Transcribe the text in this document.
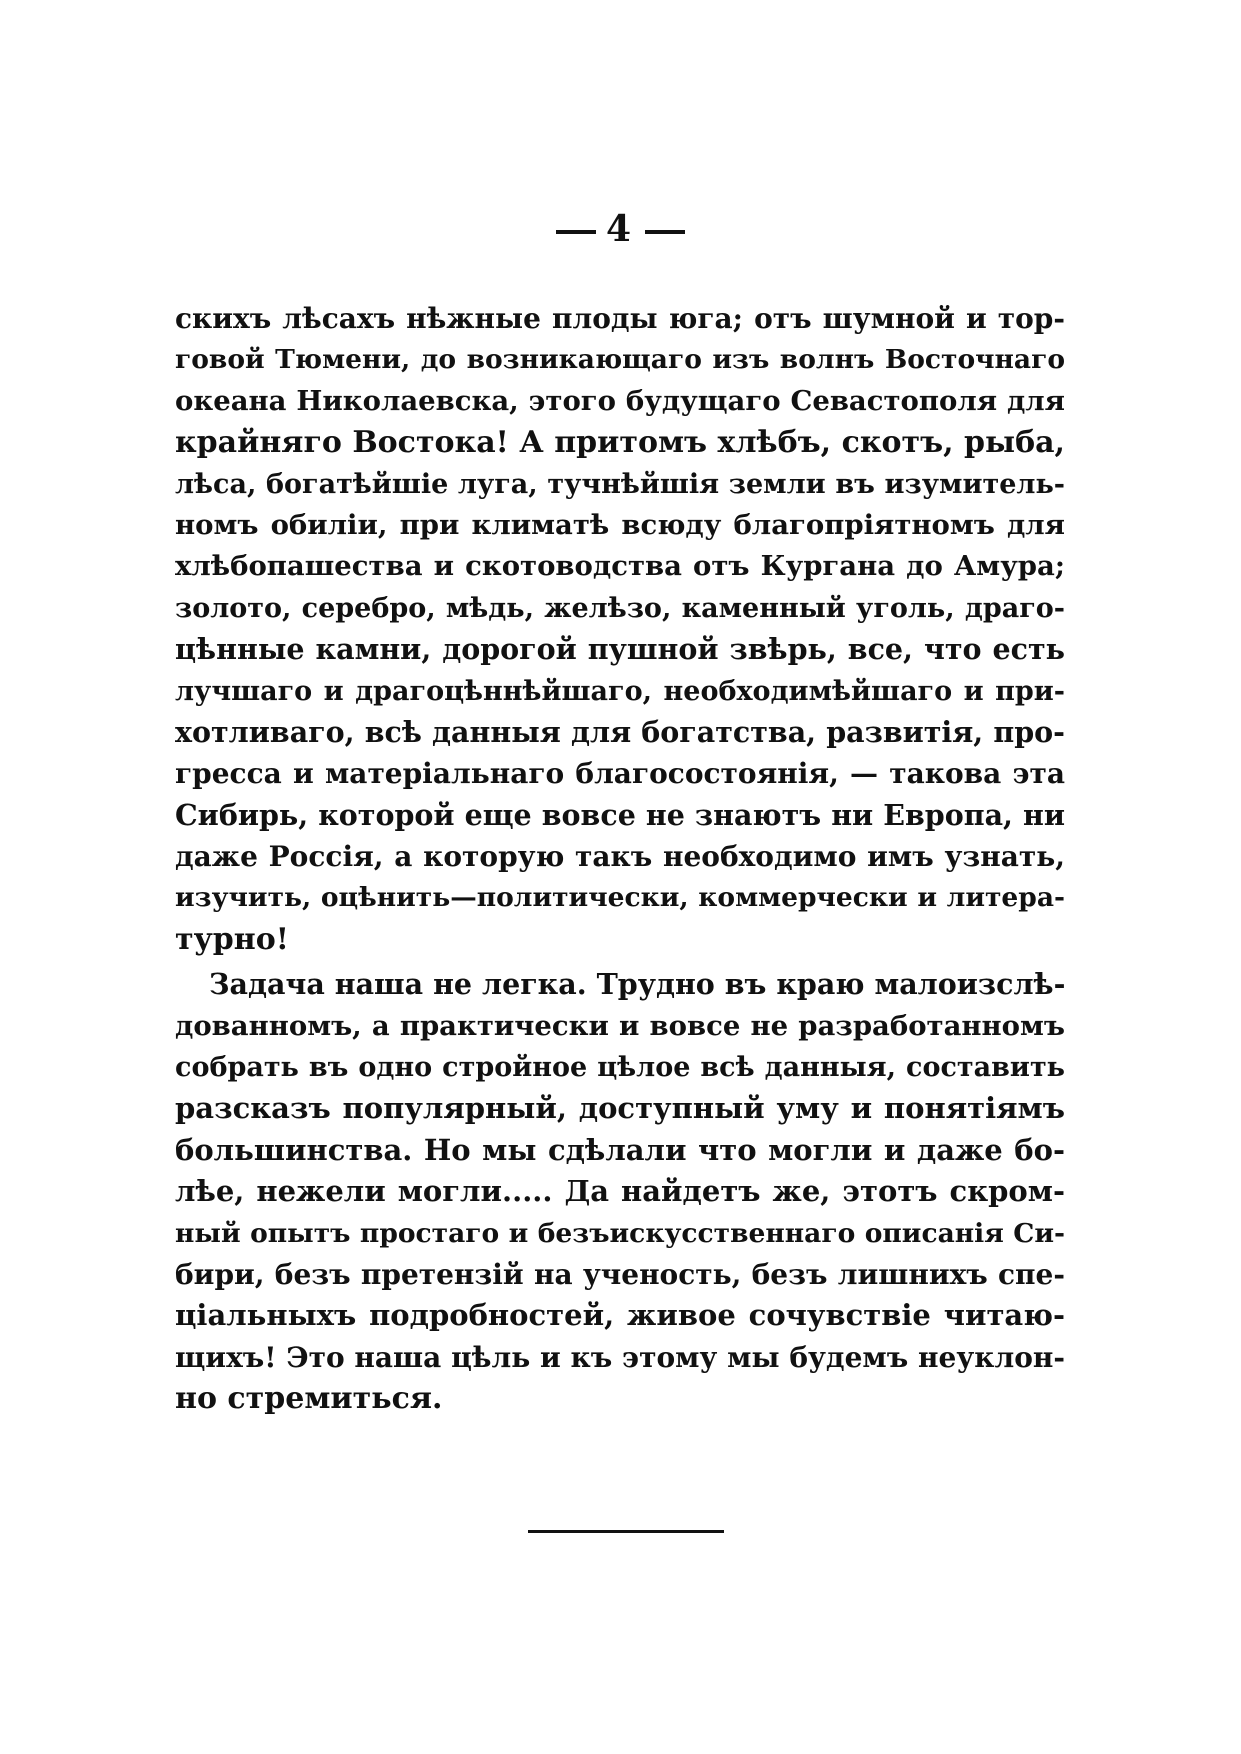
4
скихъ лѣсахъ нѣжные плоды юга; отъ шумной и тор-
говой Тюмени, до возникающаго изъ волнъ Восточнаго
океана Николаевска, этого будущаго Севастополя для
крайняго Востока! А притомъ хлѣбъ, скотъ, рыба,
лѣса, богатѣйшіе луга, тучнѣйшія земли въ изумитель-
номъ обиліи, при климатѣ всюду благопріятномъ для
хлѣбопашества и скотоводства отъ Кургана до Амура;
золото, серебро, мѣдь, желѣзо, каменный уголь, драго-
цѣнные камни, дорогой пушной звѣрь, все, что есть
лучшаго и драгоцѣннѣйшаго, необходимѣйшаго и при-
хотливаго, всѣ данныя для богатства, развитія, про-
гресса и матеріальнаго благосостоянія, — такова эта
Сибирь, которой еще вовсе не знаютъ ни Европа, ни
даже Россія, а которую такъ необходимо имъ узнать,
изучить, оцѣнить—политически, коммерчески и литера-
турно!
Задача наша не легка. Трудно въ краю малоизслѣ-
дованномъ, а практически и вовсе не разработанномъ
собрать въ одно стройное цѣлое всѣ данныя, составить
разсказъ популярный, доступный уму и понятіямъ
большинства. Но мы сдѣлали что могли и даже бо-
лѣе, нежели могли..... Да найдетъ же, этотъ скром-
ный опытъ простаго и безъискусственнаго описанія Си-
бири, безъ претензій на ученость, безъ лишнихъ спе-
ціальныхъ подробностей, живое сочувствіе читаю-
щихъ! Это наша цѣль и къ этому мы будемъ неуклон-
но стремиться.
